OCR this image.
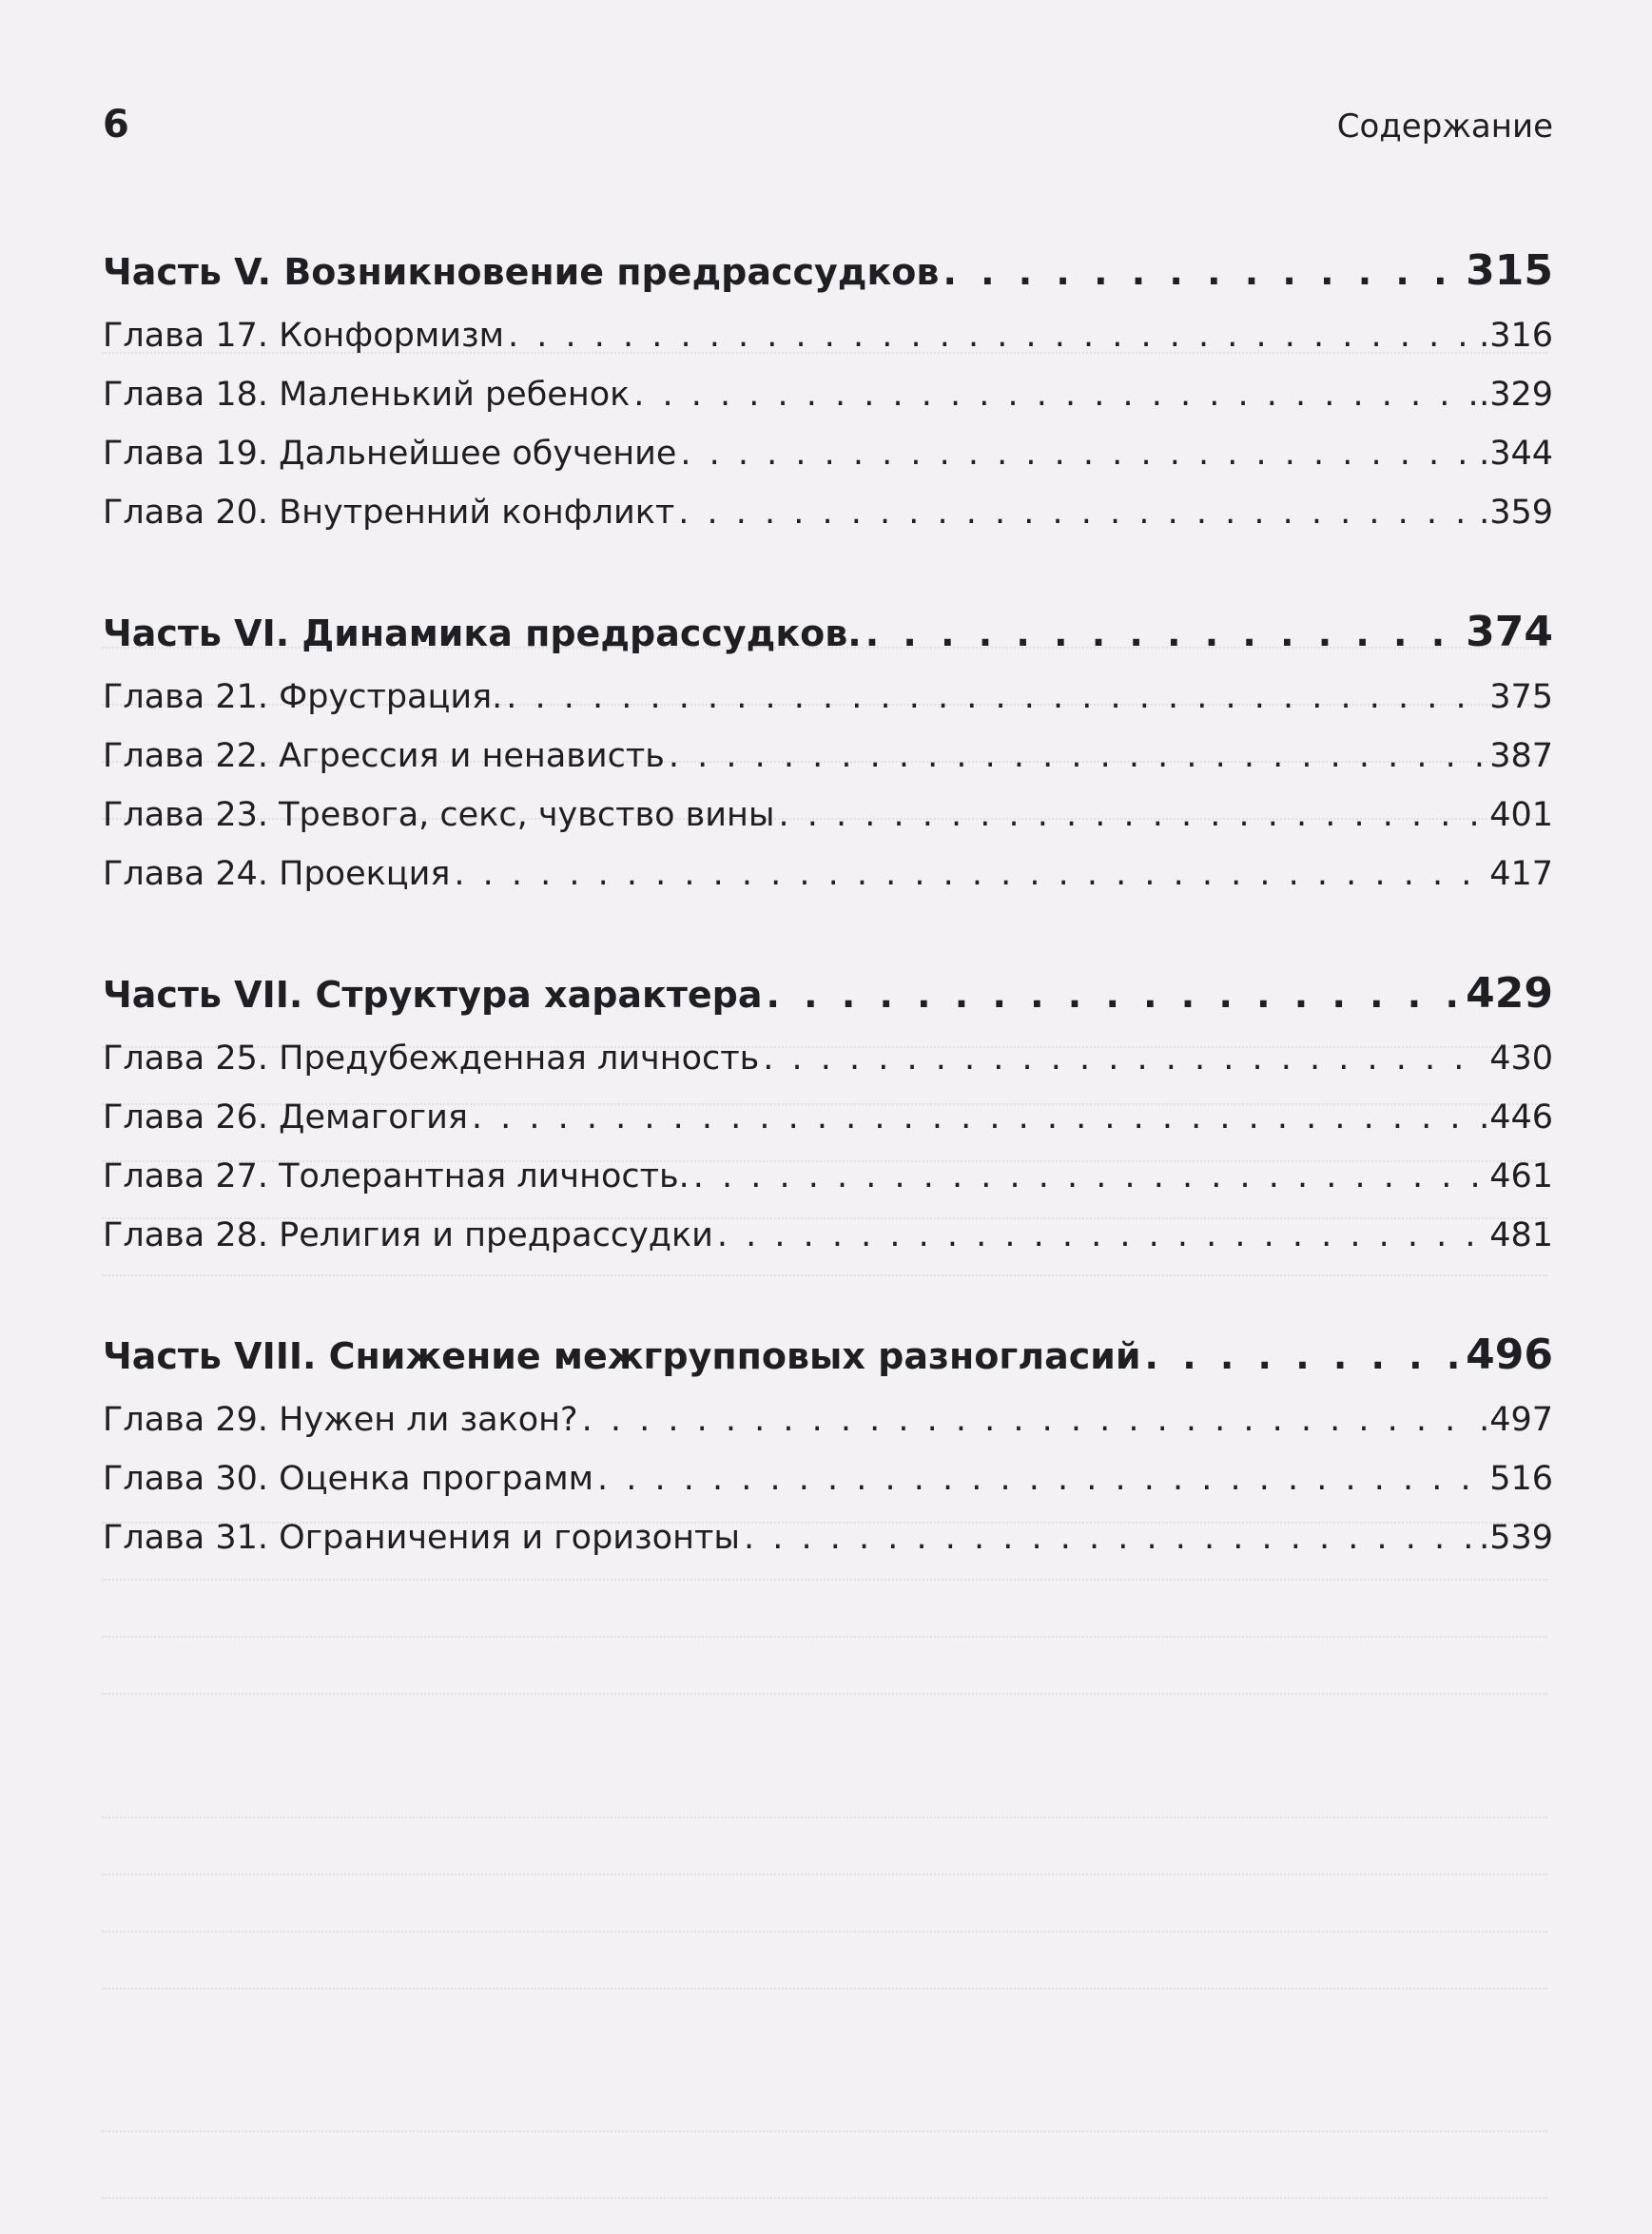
6	Содержание
Часть V. Возникновение предрассудков . . .	315
Глава 17. Конформизм . . .	.316
Глава 18. Маленький ребенок . . .	.329
Глава 19. Дальнейшее обучение . . .	.344
Глава 20. Внутренний конфликт . . .	.359
Часть VI. Динамика предрассудков. . . .	374
Глава 21. Фрустрация. . . .	375
Глава 22. Агрессия и ненависть . . .	387
Глава 23. Тревога, секс, чувство вины . . .	401
Глава 24. Проекция . . .	417
Часть VII. Структура характера . . .	429
Глава 25. Предубежденная личность . . .	430
Глава 26. Демагогия . . .	.446
Глава 27. Толерантная личность. . . .	461
Глава 28. Религия и предрассудки . . .	481
Часть VIII. Снижение межгрупповых разногласий . . .	496
Глава 29. Нужен ли закон? . . .	.497
Глава 30. Оценка программ . . .	516
Глава 31. Ограничения и горизонты . . .	.539
